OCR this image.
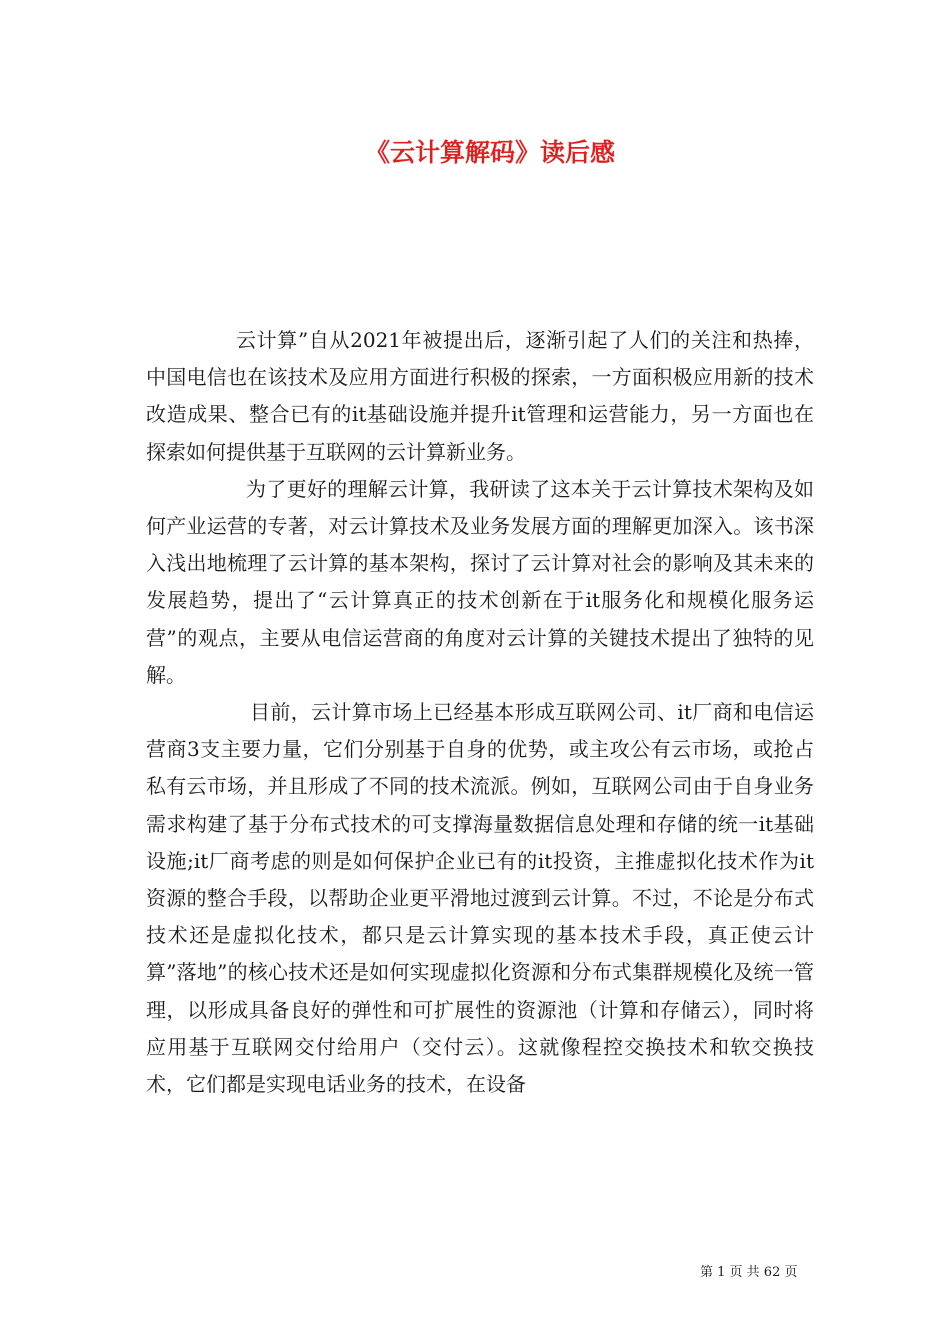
《云计算解码》读后感

云计算”自从2021年被提出后，逐渐引起了人们的关注和热捧，中国电信也在该技术及应用方面进行积极的探索，一方面积极应用新的技术改造成果、整合已有的it基础设施并提升it管理和运营能力，另一方面也在探索如何提供基于互联网的云计算新业务。

为了更好的理解云计算，我研读了这本关于云计算技术架构及如何产业运营的专著，对云计算技术及业务发展方面的理解更加深入。该书深入浅出地梳理了云计算的基本架构，探讨了云计算对社会的影响及其未来的发展趋势，提出了“云计算真正的技术创新在于it服务化和规模化服务运营”的观点，主要从电信运营商的角度对云计算的关键技术提出了独特的见解。

目前，云计算市场上已经基本形成互联网公司、it厂商和电信运营商3支主要力量，它们分别基于自身的优势，或主攻公有云市场，或抢占私有云市场，并且形成了不同的技术流派。例如，互联网公司由于自身业务需求构建了基于分布式技术的可支撑海量数据信息处理和存储的统一it基础设施;it厂商考虑的则是如何保护企业已有的it投资，主推虚拟化技术作为it资源的整合手段，以帮助企业更平滑地过渡到云计算。不过，不论是分布式技术还是虚拟化技术，都只是云计算实现的基本技术手段，真正使云计算”落地”的核心技术还是如何实现虚拟化资源和分布式集群规模化及统一管理，以形成具备良好的弹性和可扩展性的资源池（计算和存储云），同时将应用基于互联网交付给用户（交付云）。这就像程控交换技术和软交换技术，它们都是实现电话业务的技术，在设备

第 1 页 共 62 页
